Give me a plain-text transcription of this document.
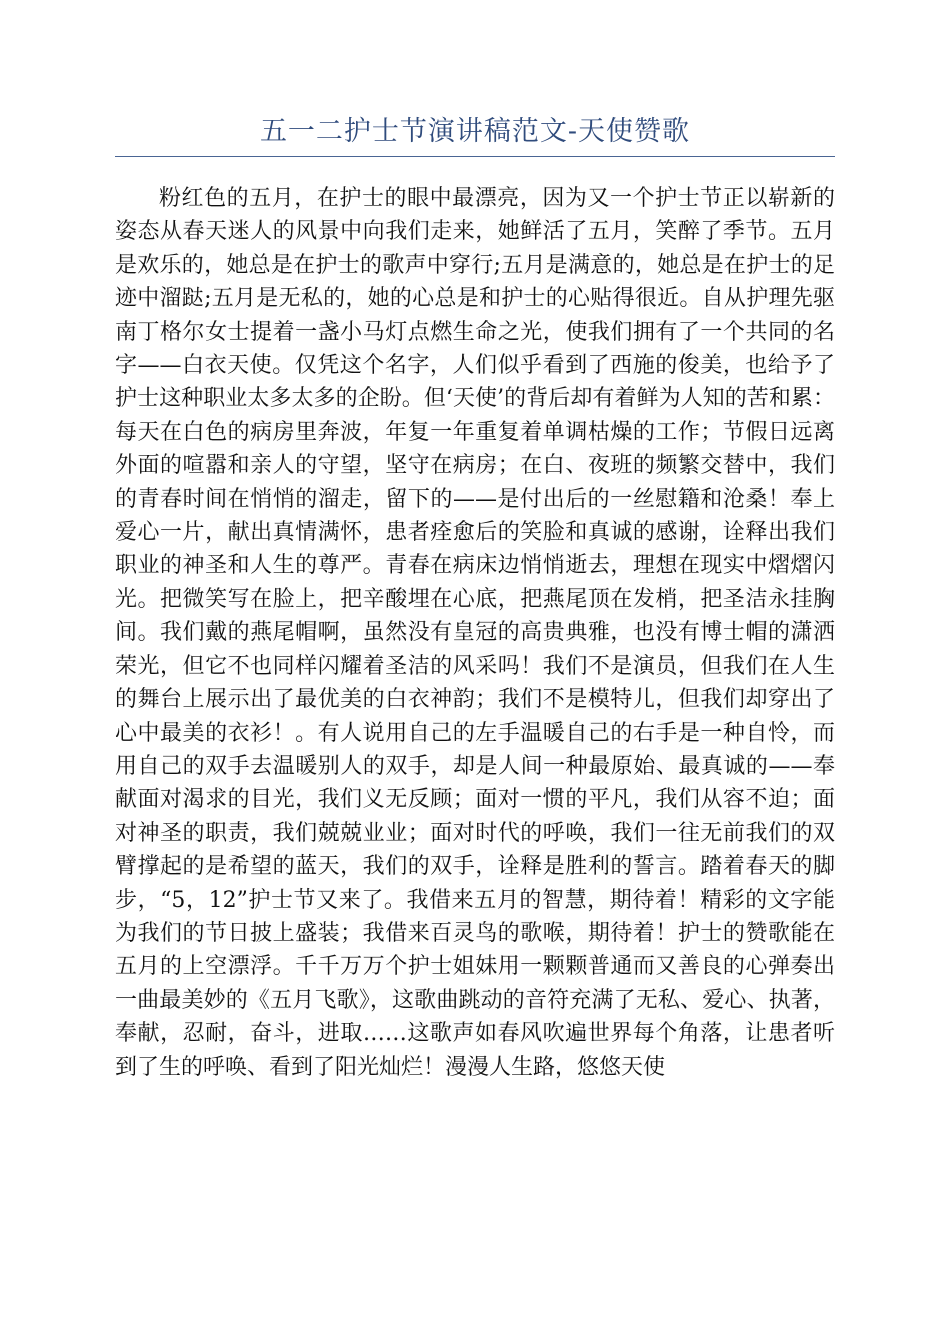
五一二护士节演讲稿范文-天使赞歌

粉红色的五月，在护士的眼中最漂亮，因为又一个护士节正以崭新的姿态从春天迷人的风景中向我们走来，她鲜活了五月，笑醉了季节。五月是欢乐的，她总是在护士的歌声中穿行;五月是满意的，她总是在护士的足迹中溜跶;五月是无私的，她的心总是和护士的心贴得很近。自从护理先驱南丁格尔女士提着一盏小马灯点燃生命之光，使我们拥有了一个共同的名字——白衣天使。仅凭这个名字，人们似乎看到了西施的俊美，也给予了护士这种职业太多太多的企盼。但‘天使’的背后却有着鲜为人知的苦和累：每天在白色的病房里奔波，年复一年重复着单调枯燥的工作；节假日远离外面的喧嚣和亲人的守望，坚守在病房；在白、夜班的频繁交替中，我们的青春时间在悄悄的溜走，留下的——是付出后的一丝慰籍和沧桑！奉上爱心一片，献出真情满怀，患者痊愈后的笑脸和真诚的感谢，诠释出我们职业的神圣和人生的尊严。青春在病床边悄悄逝去，理想在现实中熠熠闪光。把微笑写在脸上，把辛酸埋在心底，把燕尾顶在发梢，把圣洁永挂胸间。我们戴的燕尾帽啊，虽然没有皇冠的高贵典雅，也没有博士帽的潇洒荣光，但它不也同样闪耀着圣洁的风采吗！我们不是演员，但我们在人生的舞台上展示出了最优美的白衣神韵；我们不是模特儿，但我们却穿出了心中最美的衣衫！。有人说用自己的左手温暖自己的右手是一种自怜，而用自己的双手去温暖别人的双手，却是人间一种最原始、最真诚的——奉献面对渴求的目光，我们义无反顾；面对一惯的平凡，我们从容不迫；面对神圣的职责，我们兢兢业业；面对时代的呼唤，我们一往无前我们的双臂撑起的是希望的蓝天，我们的双手，诠释是胜利的誓言。踏着春天的脚步，“5，12”护士节又来了。我借来五月的智慧，期待着！精彩的文字能为我们的节日披上盛装；我借来百灵鸟的歌喉，期待着！护士的赞歌能在五月的上空漂浮。千千万万个护士姐妹用一颗颗普通而又善良的心弹奏出一曲最美妙的《五月飞歌》，这歌曲跳动的音符充满了无私、爱心、执著，奉献，忍耐，奋斗，进取……这歌声如春风吹遍世界每个角落，让患者听到了生的呼唤、看到了阳光灿烂！漫漫人生路，悠悠天使
